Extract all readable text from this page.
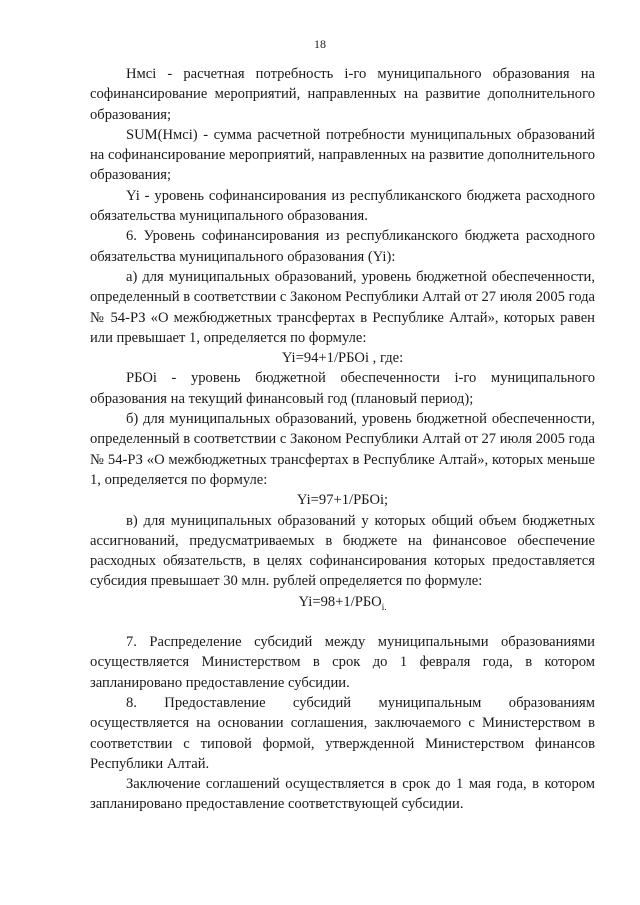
18

Нмсi - расчетная потребность i-го муниципального образования на софинансирование мероприятий, направленных на развитие дополнительного образования;

SUM(Нмсi) - сумма расчетной потребности муниципальных образований на софинансирование мероприятий, направленных на развитие дополнительного образования;

Yi - уровень софинансирования из республиканского бюджета расходного обязательства муниципального образования.

6. Уровень софинансирования из республиканского бюджета расходного обязательства муниципального образования (Yi):

а) для муниципальных образований, уровень бюджетной обеспеченности, определенный в соответствии с Законом Республики Алтай от 27 июля 2005 года № 54-РЗ «О межбюджетных трансфертах в Республике Алтай», которых равен или превышает 1, определяется по формуле:

Yi=94+1/РБОi , где:

РБОi - уровень бюджетной обеспеченности i-го муниципального образования на текущий финансовый год (плановый период);

б) для муниципальных образований, уровень бюджетной обеспеченности, определенный в соответствии с Законом Республики Алтай от 27 июля 2005 года № 54-РЗ «О межбюджетных трансфертах в Республике Алтай», которых меньше 1, определяется по формуле:

Yi=97+1/РБОi;

в) для муниципальных образований у которых общий объем бюджетных ассигнований, предусматриваемых в бюджете на финансовое обеспечение расходных обязательств, в целях софинансирования которых предоставляется субсидия превышает 30 млн. рублей определяется по формуле:

$Yi=98+1/РБО_{i.}$

7. Распределение субсидий между муниципальными образованиями осуществляется Министерством в срок до 1 февраля года, в котором запланировано предоставление субсидии.

8. Предоставление субсидий муниципальным образованиям осуществляется на основании соглашения, заключаемого с Министерством в соответствии с типовой формой, утвержденной Министерством финансов Республики Алтай.

Заключение соглашений осуществляется в срок до 1 мая года, в котором запланировано предоставление соответствующей субсидии.
